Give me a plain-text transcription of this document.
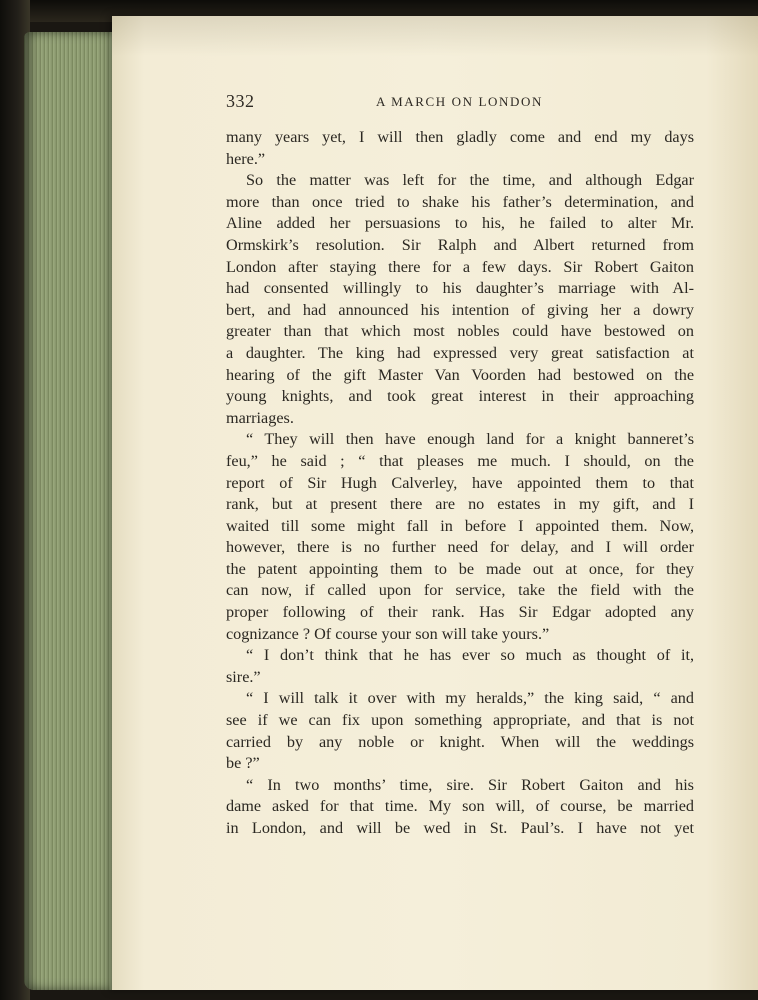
332	A MARCH ON LONDON
many years yet, I will then gladly come and end my days
here.”
So the matter was left for the time, and although Edgar
more than once tried to shake his father’s determination, and
Aline added her persuasions to his, he failed to alter Mr.
Ormskirk’s resolution. Sir Ralph and Albert returned from
London after staying there for a few days. Sir Robert Gaiton
had consented willingly to his daughter’s marriage with Al-
bert, and had announced his intention of giving her a dowry
greater than that which most nobles could have bestowed on
a daughter. The king had expressed very great satisfaction at
hearing of the gift Master Van Voorden had bestowed on the
young knights, and took great interest in their approaching
marriages.
“ They will then have enough land for a knight banneret’s
feu,” he said ; “ that pleases me much. I should, on the
report of Sir Hugh Calverley, have appointed them to that
rank, but at present there are no estates in my gift, and I
waited till some might fall in before I appointed them. Now,
however, there is no further need for delay, and I will order
the patent appointing them to be made out at once, for they
can now, if called upon for service, take the field with the
proper following of their rank. Has Sir Edgar adopted any
cognizance ? Of course your son will take yours.”
“ I don’t think that he has ever so much as thought of it,
sire.”
“ I will talk it over with my heralds,” the king said, “ and
see if we can fix upon something appropriate, and that is not
carried by any noble or knight. When will the weddings
be ?”
“ In two months’ time, sire. Sir Robert Gaiton and his
dame asked for that time. My son will, of course, be married
in London, and will be wed in St. Paul’s. I have not yet
